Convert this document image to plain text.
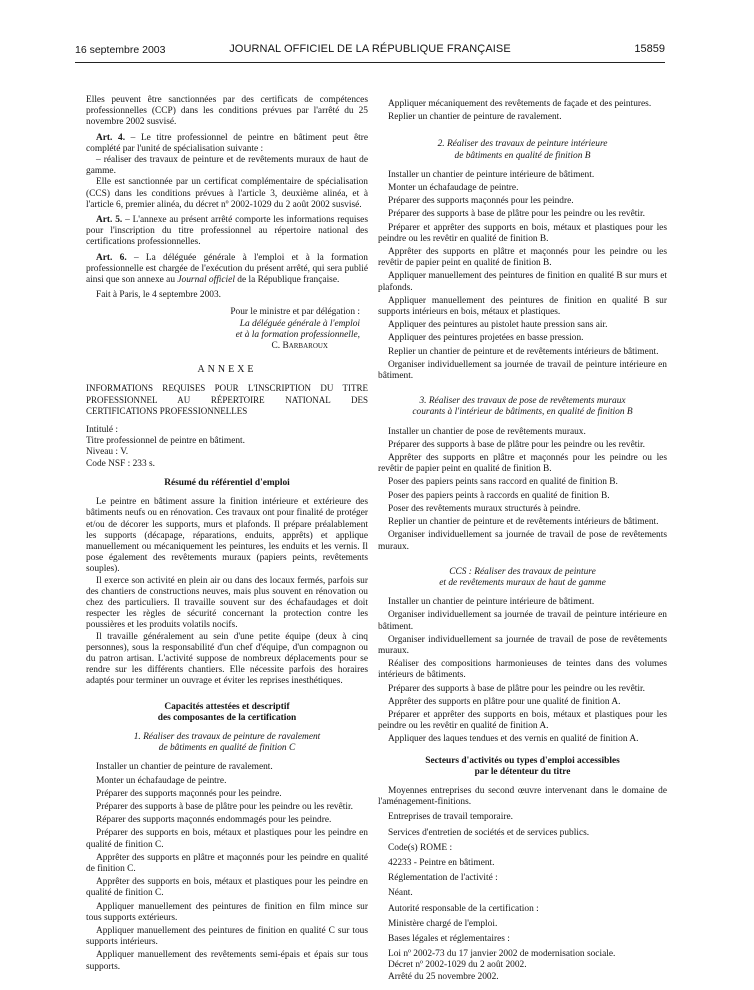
16 septembre 2003	JOURNAL OFFICIEL DE LA RÉPUBLIQUE FRANÇAISE	15859

Elles peuvent être sanctionnées par des certificats de compétences professionnelles (CCP) dans les conditions prévues par l'arrêté du 25 novembre 2002 susvisé.

Art. 4. – Le titre professionnel de peintre en bâtiment peut être complété par l'unité de spécialisation suivante :

– réaliser des travaux de peinture et de revêtements muraux de haut de gamme.

Elle est sanctionnée par un certificat complémentaire de spécialisation (CCS) dans les conditions prévues à l'article 3, deuxième alinéa, et à l'article 6, premier alinéa, du décret nº 2002-1029 du 2 août 2002 susvisé.

Art. 5. – L'annexe au présent arrêté comporte les informations requises pour l'inscription du titre professionnel au répertoire national des certifications professionnelles.

Art. 6. – La déléguée générale à l'emploi et à la formation professionnelle est chargée de l'exécution du présent arrêté, qui sera publié ainsi que son annexe au Journal officiel de la République française.

Fait à Paris, le 4 septembre 2003.

Pour le ministre et par délégation :

La déléguée générale à l'emploi

et à la formation professionnelle,

C. Barbaroux

ANNEXE

INFORMATIONS REQUISES POUR L'INSCRIPTION DU TITRE PROFESSIONNEL AU RÉPERTOIRE NATIONAL DES CERTIFICATIONS PROFESSIONNELLES

Intitulé :

Titre professionnel de peintre en bâtiment.

Niveau : V.

Code NSF : 233 s.

Résumé du référentiel d'emploi

Le peintre en bâtiment assure la finition intérieure et extérieure des bâtiments neufs ou en rénovation. Ces travaux ont pour finalité de protéger et/ou de décorer les supports, murs et plafonds. Il prépare préalablement les supports (décapage, réparations, enduits, apprêts) et applique manuellement ou mécaniquement les peintures, les enduits et les vernis. Il pose également des revêtements muraux (papiers peints, revêtements souples).

Il exerce son activité en plein air ou dans des locaux fermés, parfois sur des chantiers de constructions neuves, mais plus souvent en rénovation ou chez des particuliers. Il travaille souvent sur des échafaudages et doit respecter les règles de sécurité concernant la protection contre les poussières et les produits volatils nocifs.

Il travaille généralement au sein d'une petite équipe (deux à cinq personnes), sous la responsabilité d'un chef d'équipe, d'un compagnon ou du patron artisan. L'activité suppose de nombreux déplacements pour se rendre sur les différents chantiers. Elle nécessite parfois des horaires adaptés pour terminer un ouvrage et éviter les reprises inesthétiques.

Capacités attestées et descriptif

des composantes de la certification

1. Réaliser des travaux de peinture de ravalement

de bâtiments en qualité de finition C

Installer un chantier de peinture de ravalement.

Monter un échafaudage de peintre.

Préparer des supports maçonnés pour les peindre.

Préparer des supports à base de plâtre pour les peindre ou les revêtir.

Réparer des supports maçonnés endommagés pour les peindre.

Préparer des supports en bois, métaux et plastiques pour les peindre en qualité de finition C.

Apprêter des supports en plâtre et maçonnés pour les peindre en qualité de finition C.

Apprêter des supports en bois, métaux et plastiques pour les peindre en qualité de finition C.

Appliquer manuellement des peintures de finition en film mince sur tous supports extérieurs.

Appliquer manuellement des peintures de finition en qualité C sur tous supports intérieurs.

Appliquer manuellement des revêtements semi-épais et épais sur tous supports.

Appliquer mécaniquement des revêtements de façade et des peintures.

Replier un chantier de peinture de ravalement.

2. Réaliser des travaux de peinture intérieure

de bâtiments en qualité de finition B

Installer un chantier de peinture intérieure de bâtiment.

Monter un échafaudage de peintre.

Préparer des supports maçonnés pour les peindre.

Préparer des supports à base de plâtre pour les peindre ou les revêtir.

Préparer et apprêter des supports en bois, métaux et plastiques pour les peindre ou les revêtir en qualité de finition B.

Apprêter des supports en plâtre et maçonnés pour les peindre ou les revêtir de papier peint en qualité de finition B.

Appliquer manuellement des peintures de finition en qualité B sur murs et plafonds.

Appliquer manuellement des peintures de finition en qualité B sur supports intérieurs en bois, métaux et plastiques.

Appliquer des peintures au pistolet haute pression sans air.

Appliquer des peintures projetées en basse pression.

Replier un chantier de peinture et de revêtements intérieurs de bâtiment.

Organiser individuellement sa journée de travail de peinture intérieure en bâtiment.

3. Réaliser des travaux de pose de revêtements muraux

courants à l'intérieur de bâtiments, en qualité de finition B

Installer un chantier de pose de revêtements muraux.

Préparer des supports à base de plâtre pour les peindre ou les revêtir.

Apprêter des supports en plâtre et maçonnés pour les peindre ou les revêtir de papier peint en qualité de finition B.

Poser des papiers peints sans raccord en qualité de finition B.

Poser des papiers peints à raccords en qualité de finition B.

Poser des revêtements muraux structurés à peindre.

Replier un chantier de peinture et de revêtements intérieurs de bâtiment.

Organiser individuellement sa journée de travail de pose de revêtements muraux.

CCS : Réaliser des travaux de peinture

et de revêtements muraux de haut de gamme

Installer un chantier de peinture intérieure de bâtiment.

Organiser individuellement sa journée de travail de peinture intérieure en bâtiment.

Organiser individuellement sa journée de travail de pose de revêtements muraux.

Réaliser des compositions harmonieuses de teintes dans des volumes intérieurs de bâtiments.

Préparer des supports à base de plâtre pour les peindre ou les revêtir.

Apprêter des supports en plâtre pour une qualité de finition A.

Préparer et apprêter des supports en bois, métaux et plastiques pour les peindre ou les revêtir en qualité de finition A.

Appliquer des laques tendues et des vernis en qualité de finition A.

Secteurs d'activités ou types d'emploi accessibles

par le détenteur du titre

Moyennes entreprises du second œuvre intervenant dans le domaine de l'aménagement-finitions.

Entreprises de travail temporaire.

Services d'entretien de sociétés et de services publics.

Code(s) ROME :

42233 - Peintre en bâtiment.

Réglementation de l'activité :

Néant.

Autorité responsable de la certification :

Ministère chargé de l'emploi.

Bases légales et réglementaires :

Loi nº 2002-73 du 17 janvier 2002 de modernisation sociale.

Décret nº 2002-1029 du 2 août 2002.

Arrêté du 25 novembre 2002.
